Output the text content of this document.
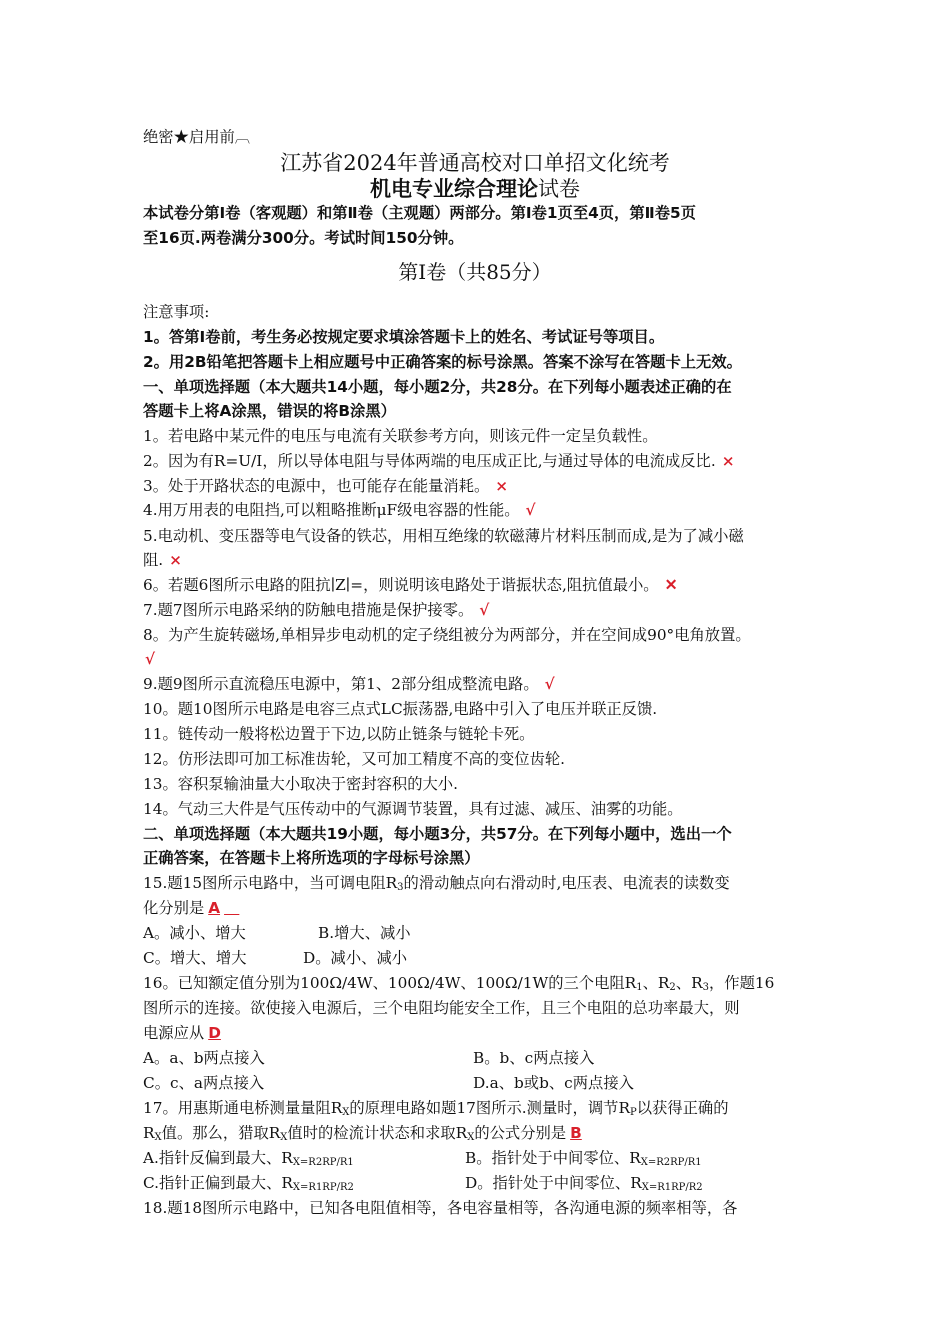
绝密★启用前︹
江苏省2024年普通高校对口单招文化统考
机电专业综合理论试卷
本试卷分第Ⅰ卷（客观题）和第Ⅱ卷（主观题）两部分。第Ⅰ卷1页至4页，第Ⅱ卷5页
至16页.两卷满分300分。考试时间150分钟。
第Ⅰ卷（共85分）
注意事项:
1。答第Ⅰ卷前，考生务必按规定要求填涂答题卡上的姓名、考试证号等项目。
2。用2B铅笔把答题卡上相应题号中正确答案的标号涂黑。答案不涂写在答题卡上无效。
一、单项选择题（本大题共14小题，每小题2分，共28分。在下列每小题表述正确的在
答题卡上将A涂黑，错误的将B涂黑）
1。若电路中某元件的电压与电流有关联参考方向，则该元件一定呈负载性。
2。因为有R=U/I，所以导体电阻与导体两端的电压成正比,与通过导体的电流成反比. ×
3。处于开路状态的电源中，也可能存在能量消耗。 ×
4.用万用表的电阻挡,可以粗略推断μF级电容器的性能。 √
5.电动机、变压器等电气设备的铁芯，用相互绝缘的软磁薄片材料压制而成,是为了减小磁
阻. ×
6。若题6图所示电路的阻抗∣Z∣=，则说明该电路处于谐振状态,阻抗值最小。 ✕
7.题7图所示电路采纳的防触电措施是保护接零。 √
8。为产生旋转磁场,单相异步电动机的定子绕组被分为两部分，并在空间成90°电角放置。
√
9.题9图所示直流稳压电源中，第1、2部分组成整流电路。 √
10。题10图所示电路是电容三点式LC振荡器,电路中引入了电压并联正反馈.
11。链传动一般将松边置于下边,以防止链条与链轮卡死。
12。仿形法即可加工标准齿轮，又可加工精度不高的变位齿轮.
13。容积泵输油量大小取决于密封容积的大小.
14。气动三大件是气压传动中的气源调节装置，具有过滤、减压、油雾的功能。
二、单项选择题（本大题共19小题，每小题3分，共57分。在下列每小题中，选出一个
正确答案，在答题卡上将所选项的字母标号涂黑）
15.题15图所示电路中，当可调电阻$R_3$的滑动触点向右滑动时,电压表、电流表的读数变
化分别是 A 
A。减小、增大	B.增大、减小
C。增大、增大	D。减小、减小
16。已知额定值分别为100Ω/4W、100Ω/4W、100Ω/1W的三个电阻$R_1$、$R_2$、$R_3$，作题16
图所示的连接。欲使接入电源后，三个电阻均能安全工作，且三个电阻的总功率最大，则
电源应从 D
A。a、b两点接入	B。b、c两点接入
C。c、a两点接入	D.a、b或b、c两点接入
17。用惠斯通电桥测量量阻$R_X$的原理电路如题17图所示.测量时，调节$R_P$以获得正确的
$R_X$值。那么，猎取$R_X$值时的检流计状态和求取$R_X$的公式分别是 B
A.指针反偏到最大、$R_{X=R2RP/R1}$	B。指针处于中间零位、$R_{X=R2RP/R1}$
C.指针正偏到最大、$R_{X=R1RP/R2}$	D。指针处于中间零位、$R_{X=R1RP/R2}$
18.题18图所示电路中，已知各电阻值相等，各电容量相等，各沟通电源的频率相等，各
